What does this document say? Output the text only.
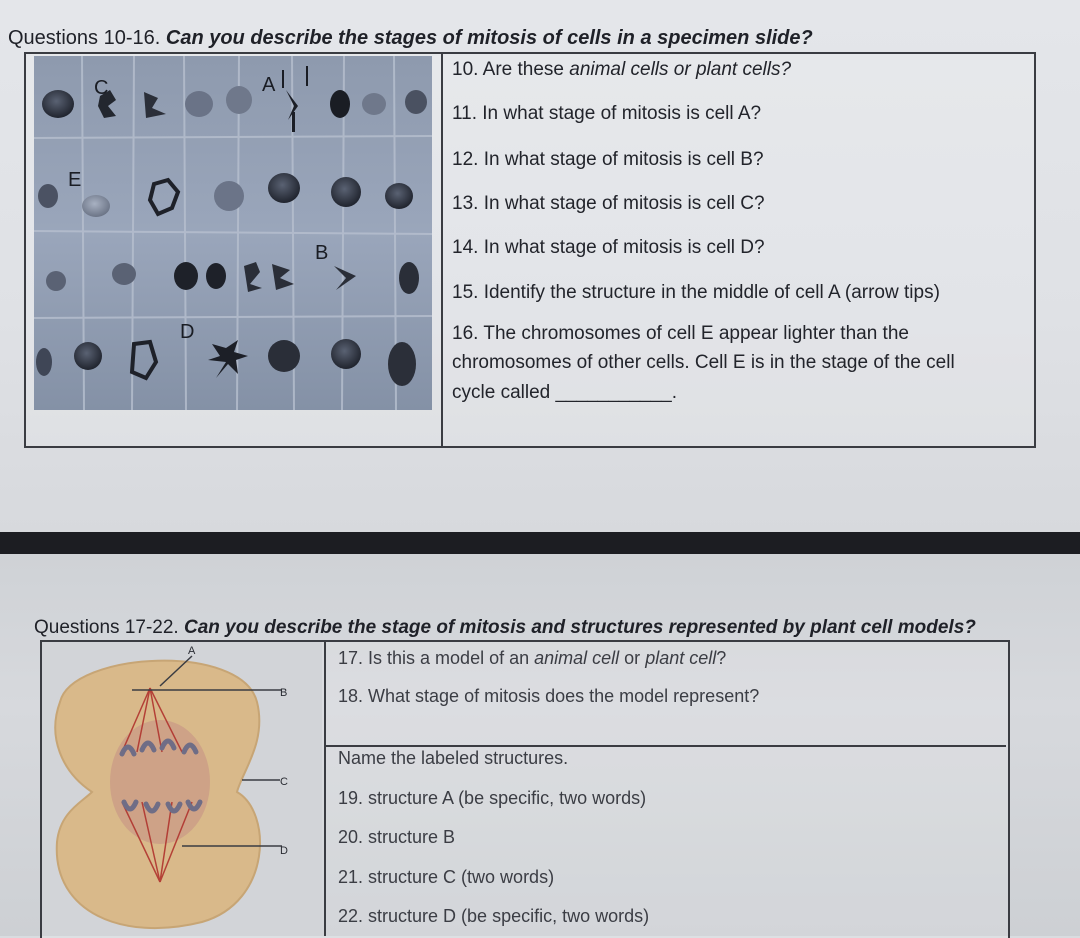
Questions 10-16. Can you describe the stages of mitosis of cells in a specimen slide?
C	A
E
B
D
10. Are these animal cells or plant cells?
11. In what stage of mitosis is cell A?
12. In what stage of mitosis is cell B?
13. In what stage of mitosis is cell C?
14. In what stage of mitosis is cell D?
15. Identify the structure in the middle of cell A (arrow tips)
16. The chromosomes of cell E appear lighter than the
chromosomes of other cells. Cell E is in the stage of the cell
cycle called ___________.
Questions 17-22. Can you describe the stage of mitosis and structures represented by plant cell models?
A
B
C
D
17. Is this a model of an animal cell or plant cell?
18. What stage of mitosis does the model represent?
Name the labeled structures.
19. structure A (be specific, two words)
20. structure B
21. structure C (two words)
22. structure D (be specific, two words)
